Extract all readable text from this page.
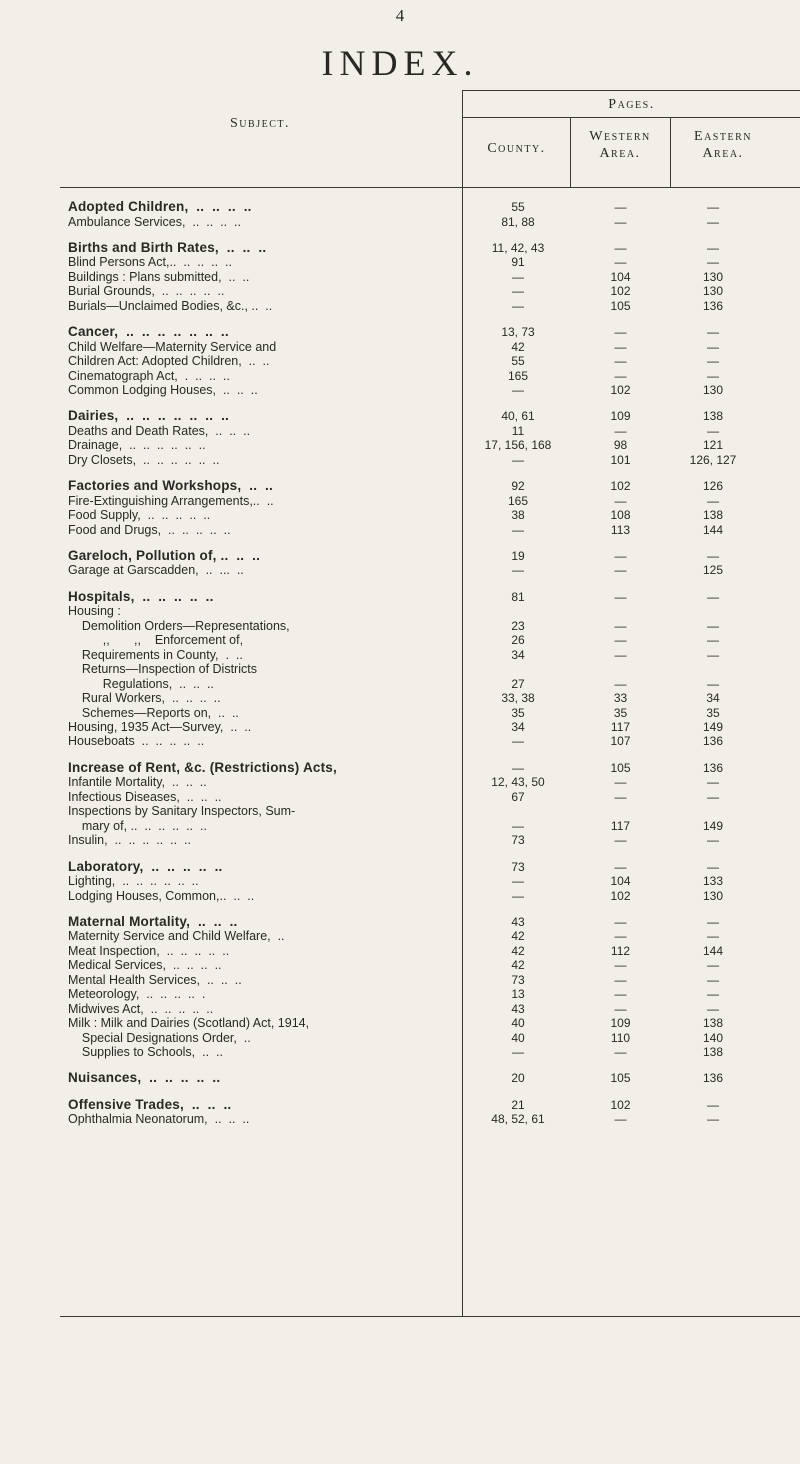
4
INDEX.
Subject.
Pages.
County.
Western Area.
Eastern Area.
Adopted Children,  ..  ..  ..  ..	55	—	—
Ambulance Services,  ..  ..  ..  ..	81, 88	—	—
Births and Birth Rates,  ..  ..  ..	11, 42, 43	—	—
Blind Persons Act,..  ..  ..  ..  ..	91	—	—
Buildings : Plans submitted,  ..  ..	—	104	130
Burial Grounds,  ..  ..  ..  ..  ..	—	102	130
Burials—Unclaimed Bodies, &c., ..  ..	—	105	136
Cancer,  ..  ..  ..  ..  ..  ..  ..	13, 73	—	—
Child Welfare—Maternity Service and	42	—	—
Children Act: Adopted Children,  ..  ..	55	—	—
Cinematograph Act,  .  ..  ..  ..	165	—	—
Common Lodging Houses,  ..  ..  ..	—	102	130
Dairies,  ..  ..  ..  ..  ..  ..  ..	40, 61	109	138
Deaths and Death Rates,  ..  ..  ..	11	—	—
Drainage,  ..  ..  ..  ..  ..  ..	17, 156, 168	98	121
Dry Closets,  ..  ..  ..  ..  ..  ..	—	101	126, 127
Factories and Workshops,  ..  ..	92	102	126
Fire-Extinguishing Arrangements,..  ..	165	—	—
Food Supply,  ..  ..  ..  ..  ..	38	108	138
Food and Drugs,  ..  ..  ..  ..  ..	—	113	144
Gareloch, Pollution of, ..  ..  ..	19	—	—
Garage at Garscadden,  ..  ...  ..	—	—	125
Hospitals,  ..  ..  ..  ..  ..	81	—	—
Housing :
Demolition Orders—Representations,	23	—	—
,,       ,,    Enforcement of,	26	—	—
Requirements in County,  .  ..	34	—	—
Returns—Inspection of Districts
Regulations,  ..  ..  ..	27	—	—
Rural Workers,  ..  ..  ..  ..	33, 38	33	34
Schemes—Reports on,  ..  ..	35	35	35
Housing, 1935 Act—Survey,  ..  ..	34	117	149
Houseboats  ..  ..  ..  ..  ..	—	107	136
Increase of Rent, &c. (Restrictions) Acts,	—	105	136
Infantile Mortality,  ..  ..  ..	12, 43, 50	—	—
Infectious Diseases,  ..  ..  ..	67	—	—
Inspections by Sanitary Inspectors, Sum-
mary of, ..  ..  ..  ..  ..  ..	—	117	149
Insulin,  ..  ..  ..  ..  ..  ..	73	—	—
Laboratory,  ..  ..  ..  ..  ..	73	—	—
Lighting,  ..  ..  ..  ..  ..  ..	—	104	133
Lodging Houses, Common,..  ..  ..	—	102	130
Maternal Mortality,  ..  ..  ..	43	—	—
Maternity Service and Child Welfare,  ..	42	—	—
Meat Inspection,  ..  ..  ..  ..  ..	42	112	144
Medical Services,  ..  ..  ..  ..	42	—	—
Mental Health Services,  ..  ..  ..	73	—	—
Meteorology,  ..  ..  ..  ..  .	13	—	—
Midwives Act,  ..  ..  ..  ..  ..	43	—	—
Milk : Milk and Dairies (Scotland) Act, 1914,	40	109	138
Special Designations Order,  ..	40	110	140
Supplies to Schools,  ..  ..	—	—	138
Nuisances,  ..  ..  ..  ..  ..	20	105	136
Offensive Trades,  ..  ..  ..	21	102	—
Ophthalmia Neonatorum,  ..  ..  ..	48, 52, 61	—	—
